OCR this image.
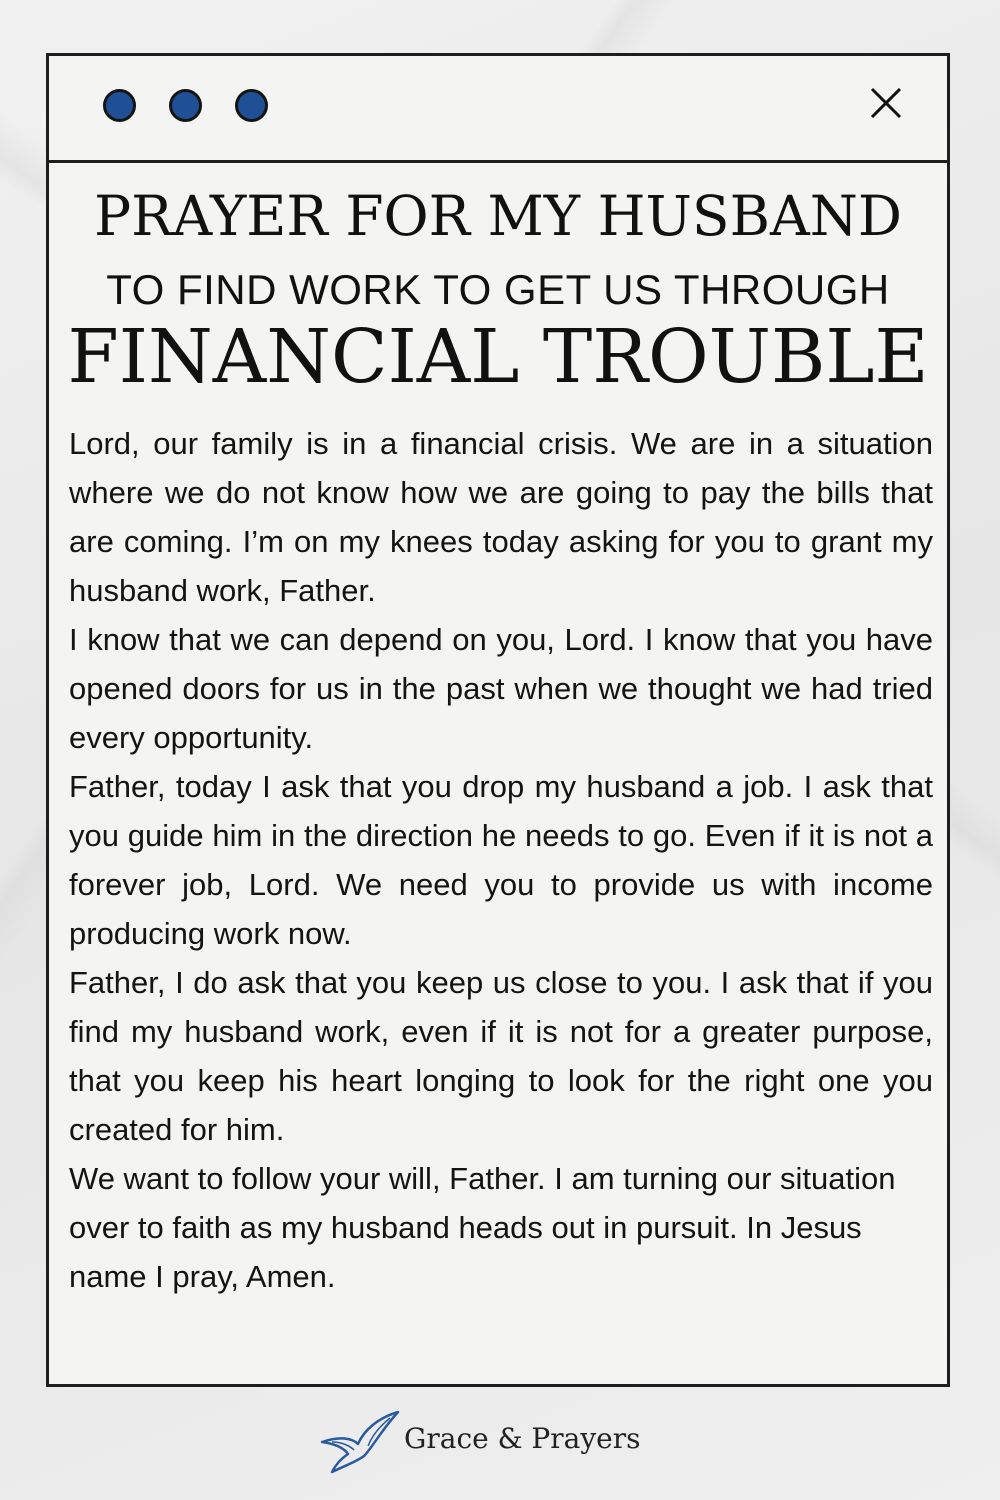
PRAYER FOR MY HUSBAND
TO FIND WORK TO GET US THROUGH
FINANCIAL TROUBLE

Lord, our family is in a financial crisis. We are in a situation where we do not know how we are going to pay the bills that are coming. I’m on my knees today asking for you to grant my husband work, Father.

I know that we can depend on you, Lord. I know that you have opened doors for us in the past when we thought we had tried every opportunity.

Father, today I ask that you drop my husband a job. I ask that you guide him in the direction he needs to go. Even if it is not a forever job, Lord. We need you to provide us with income producing work now.

Father, I do ask that you keep us close to you. I ask that if you find my husband work, even if it is not for a greater purpose, that you keep his heart longing to look for the right one you created for him.

We want to follow your will, Father. I am turning our situation over to faith as my husband heads out in pursuit. In Jesus name I pray, Amen.

Grace & Prayers
